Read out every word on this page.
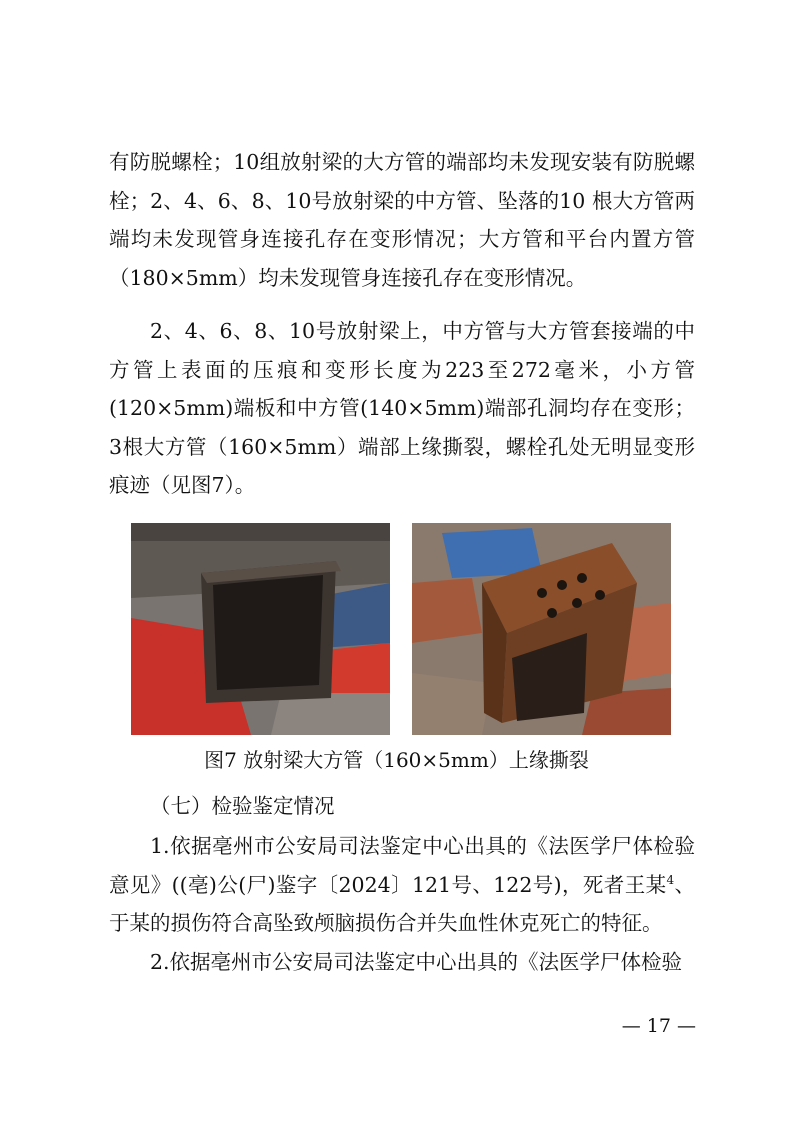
有防脱螺栓；10组放射梁的大方管的端部均未发现安装有防脱螺栓；2、4、6、8、10号放射梁的中方管、坠落的10 根大方管两端均未发现管身连接孔存在变形情况；大方管和平台内置方管（180×5mm）均未发现管身连接孔存在变形情况。

2、4、6、8、10号放射梁上，中方管与大方管套接端的中方管上表面的压痕和变形长度为223至272毫米，小方管(120×5mm)端板和中方管(140×5mm)端部孔洞均存在变形；3根大方管（160×5mm）端部上缘撕裂，螺栓孔处无明显变形痕迹（见图7）。

图7 放射梁大方管（160×5mm）上缘撕裂
（七）检验鉴定情况

1.依据亳州市公安局司法鉴定中心出具的《法医学尸体检验意见》((亳)公(尸)鉴字〔2024〕121号、122号)，死者王某$^4$、于某的损伤符合高坠致颅脑损伤合并失血性休克死亡的特征。

2.依据亳州市公安局司法鉴定中心出具的《法医学尸体检验

— 17 —
